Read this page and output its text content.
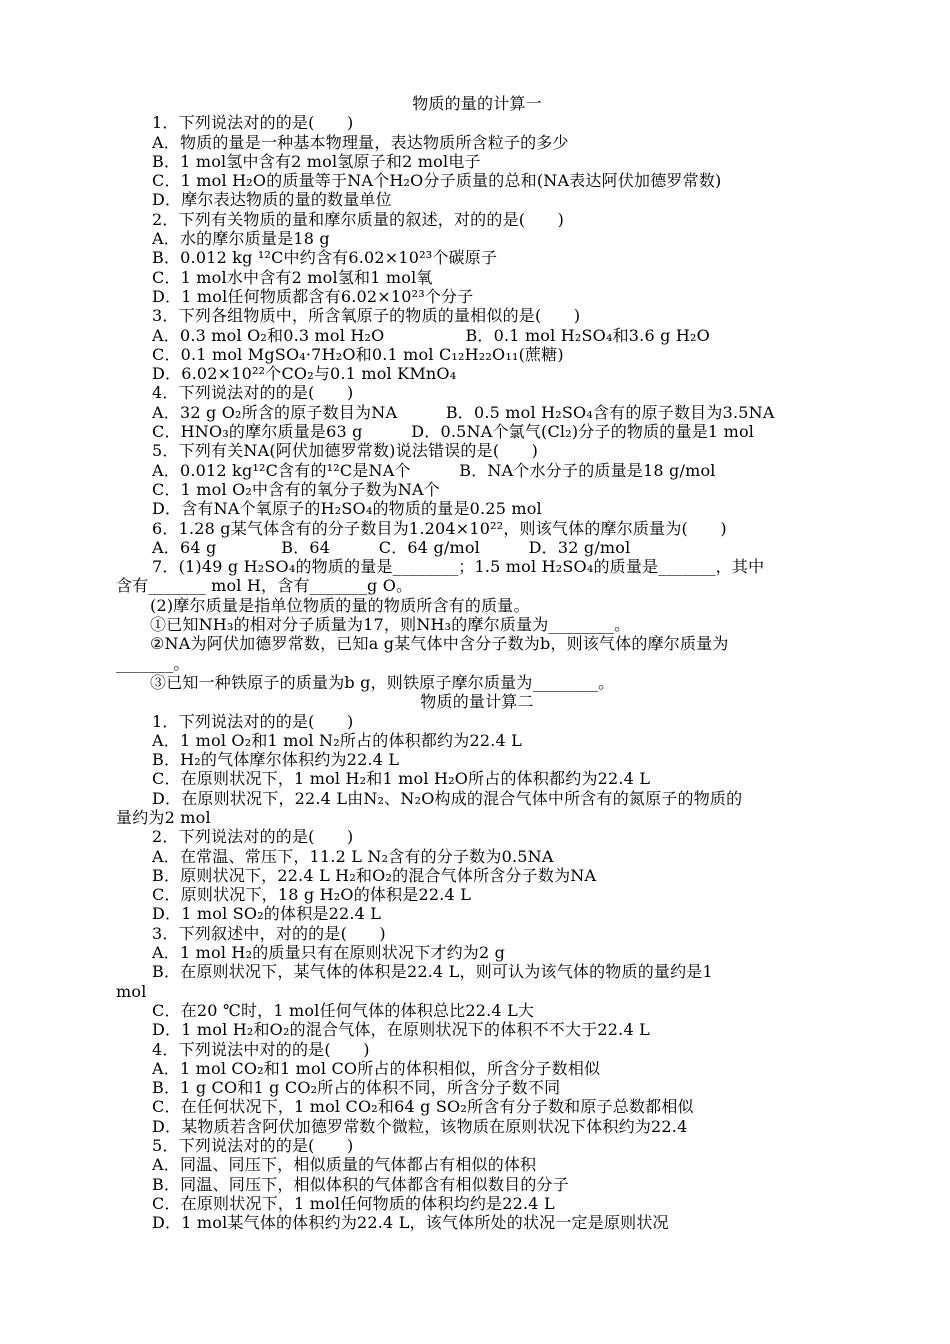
物质的量的计算一
1．下列说法对的的是(　　)
A．物质的量是一种基本物理量，表达物质所含粒子的多少
B．1 mol氢中含有2 mol氢原子和2 mol电子
C．1 mol H₂O的质量等于NA个H₂O分子质量的总和(NA表达阿伏加德罗常数)
D．摩尔表达物质的量的数量单位
2．下列有关物质的量和摩尔质量的叙述，对的的是(　　)
A．水的摩尔质量是18 g
B．0.012 kg ¹²C中约含有6.02×10²³个碳原子
C．1 mol水中含有2 mol氢和1 mol氧
D．1 mol任何物质都含有6.02×10²³个分子
3．下列各组物质中，所含氧原子的物质的量相似的是(　　)
A．0.3 mol O₂和0.3 mol H₂O　　　　　B．0.1 mol H₂SO₄和3.6 g H₂O
C．0.1 mol MgSO₄·7H₂O和0.1 mol C₁₂H₂₂O₁₁(蔗糖)
D．6.02×10²²个CO₂与0.1 mol KMnO₄
4．下列说法对的的是(　　)
A．32 g O₂所含的原子数目为NA　　　B．0.5 mol H₂SO₄含有的原子数目为3.5NA
C．HNO₃的摩尔质量是63 g　　　D．0.5NA个氯气(Cl₂)分子的物质的量是1 mol
5．下列有关NA(阿伏加德罗常数)说法错误的是(　　)
A．0.012 kg¹²C含有的¹²C是NA个　　　B．NA个水分子的质量是18 g/mol
C．1 mol O₂中含有的氧分子数为NA个
D．含有NA个氧原子的H₂SO₄的物质的量是0.25 mol
6．1.28 g某气体含有的分子数目为1.204×10²²，则该气体的摩尔质量为(　　)
A．64 g　　　　B．64　　　C．64 g/mol　　　D．32 g/mol
7．(1)49 g H₂SO₄的物质的量是________；1.5 mol H₂SO₄的质量是_______，其中
含有_______ mol H，含有_______g O。
(2)摩尔质量是指单位物质的量的物质所含有的质量。
①已知NH₃的相对分子质量为17，则NH₃的摩尔质量为________。
②NA为阿伏加德罗常数，已知a g某气体中含分子数为b，则该气体的摩尔质量为
_______。
③已知一种铁原子的质量为b g，则铁原子摩尔质量为________。
物质的量计算二
1．下列说法对的的是(　　)
A．1 mol O₂和1 mol N₂所占的体积都约为22.4 L
B．H₂的气体摩尔体积约为22.4 L
C．在原则状况下，1 mol H₂和1 mol H₂O所占的体积都约为22.4 L
D．在原则状况下，22.4 L由N₂、N₂O构成的混合气体中所含有的氮原子的物质的
量约为2 mol
2．下列说法对的的是(　　)
A．在常温、常压下，11.2 L N₂含有的分子数为0.5NA
B．原则状况下，22.4 L H₂和O₂的混合气体所含分子数为NA
C．原则状况下，18 g H₂O的体积是22.4 L
D．1 mol SO₂的体积是22.4 L
3．下列叙述中，对的的是(　　)
A．1 mol H₂的质量只有在原则状况下才约为2 g
B．在原则状况下，某气体的体积是22.4 L，则可认为该气体的物质的量约是1
mol
C．在20 ℃时，1 mol任何气体的体积总比22.4 L大
D．1 mol H₂和O₂的混合气体，在原则状况下的体积不不大于22.4 L
4．下列说法中对的的是(　　)
A．1 mol CO₂和1 mol CO所占的体积相似，所含分子数相似
B．1 g CO和1 g CO₂所占的体积不同，所含分子数不同
C．在任何状况下，1 mol CO₂和64 g SO₂所含有分子数和原子总数都相似
D．某物质若含阿伏加德罗常数个微粒，该物质在原则状况下体积约为22.4
5．下列说法对的的是(　　)
A．同温、同压下，相似质量的气体都占有相似的体积
B．同温、同压下，相似体积的气体都含有相似数目的分子
C．在原则状况下，1 mol任何物质的体积均约是22.4 L
D．1 mol某气体的体积约为22.4 L，该气体所处的状况一定是原则状况
